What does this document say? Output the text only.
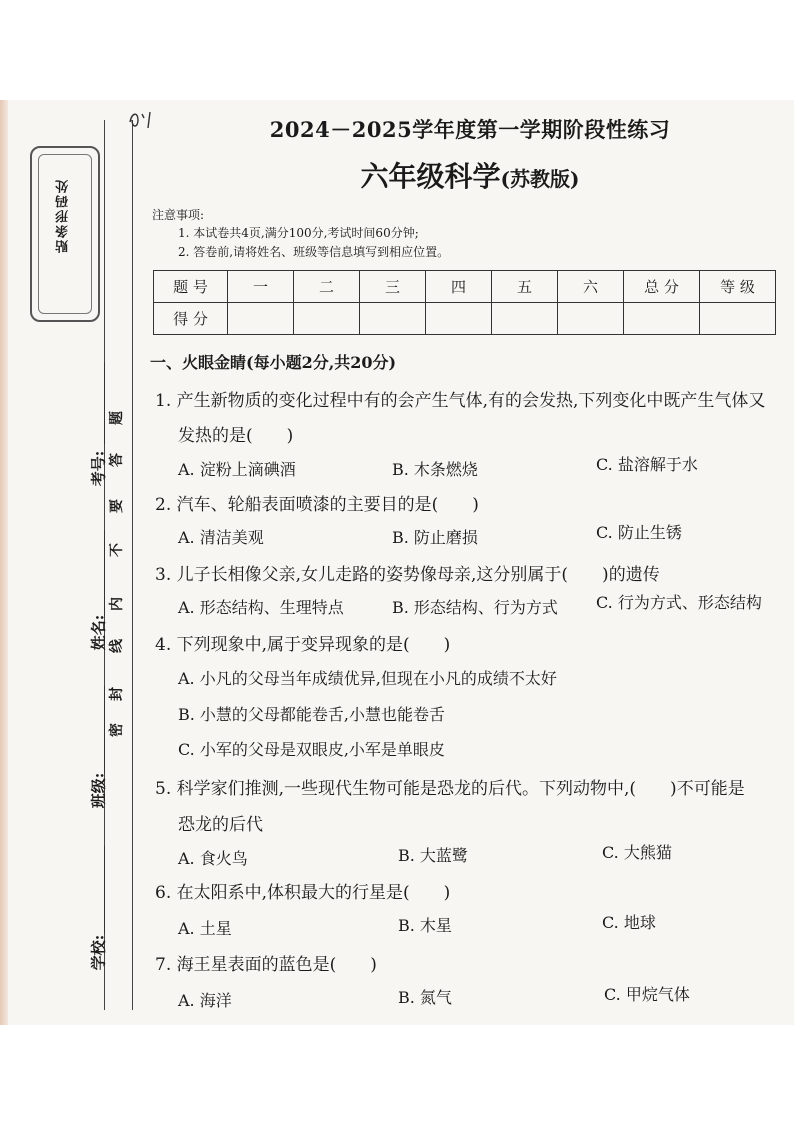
贴条形码处
考号:
姓名:
班级:
学校:
密
封
线
内
不
要
答
题
2024－2025学年度第一学期阶段性练习
六年级科学(苏教版)
注意事项:
1. 本试卷共4页,满分100分,考试时间60分钟;
2. 答卷前,请将姓名、班级等信息填写到相应位置。
题 号	一	二	三	四	五	六	总 分	等 级
得 分								
一、火眼金睛(每小题2分,共20分)
1. 产生新物质的变化过程中有的会产生气体,有的会发热,下列变化中既产生气体又
发热的是(　　)
A. 淀粉上滴碘酒	B. 木条燃烧	C. 盐溶解于水
2. 汽车、轮船表面喷漆的主要目的是(　　)
A. 清洁美观	B. 防止磨损	C. 防止生锈
3. 儿子长相像父亲,女儿走路的姿势像母亲,这分别属于(　　)的遗传
A. 形态结构、生理特点	B. 形态结构、行为方式 C. 行为方式、形态结构
4. 下列现象中,属于变异现象的是(　　)
A. 小凡的父母当年成绩优异,但现在小凡的成绩不太好
B. 小慧的父母都能卷舌,小慧也能卷舌
C. 小军的父母是双眼皮,小军是单眼皮
5. 科学家们推测,一些现代生物可能是恐龙的后代。下列动物中,(　　)不可能是
恐龙的后代
A. 食火鸟	B. 大蓝鹭	C. 大熊猫
6. 在太阳系中,体积最大的行星是(　　)
A. 土星	B. 木星	C. 地球
7. 海王星表面的蓝色是(　　)
A. 海洋	B. 氮气	C. 甲烷气体
